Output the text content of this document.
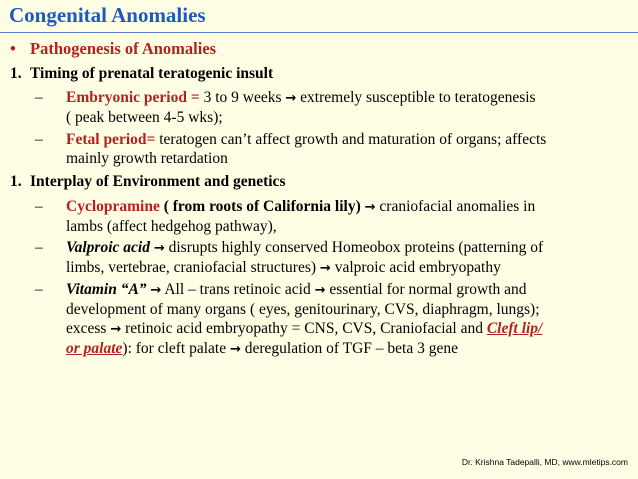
Congenital Anomalies
• Pathogenesis of Anomalies
1. Timing of prenatal teratogenic insult
– Embryonic period = 3 to 9 weeks → extremely susceptible to teratogenesis
( peak between 4-5 wks);
– Fetal period= teratogen can’t affect growth and maturation of organs; affects
mainly growth retardation
1. Interplay of Environment and genetics
– Cyclopramine ( from roots of California lily) → craniofacial anomalies in
lambs (affect hedgehog pathway),
– Valproic acid → disrupts highly conserved Homeobox proteins (patterning of
limbs, vertebrae, craniofacial structures) → valproic acid embryopathy
– Vitamin “A” → All – trans retinoic acid → essential for normal growth and
development of many organs ( eyes, genitourinary, CVS, diaphragm, lungs);
excess → retinoic acid embryopathy = CNS, CVS, Craniofacial and Cleft lip/
or palate): for cleft palate → deregulation of TGF – beta 3 gene
Dr. Krishna Tadepalli, MD, www.mletips.com
